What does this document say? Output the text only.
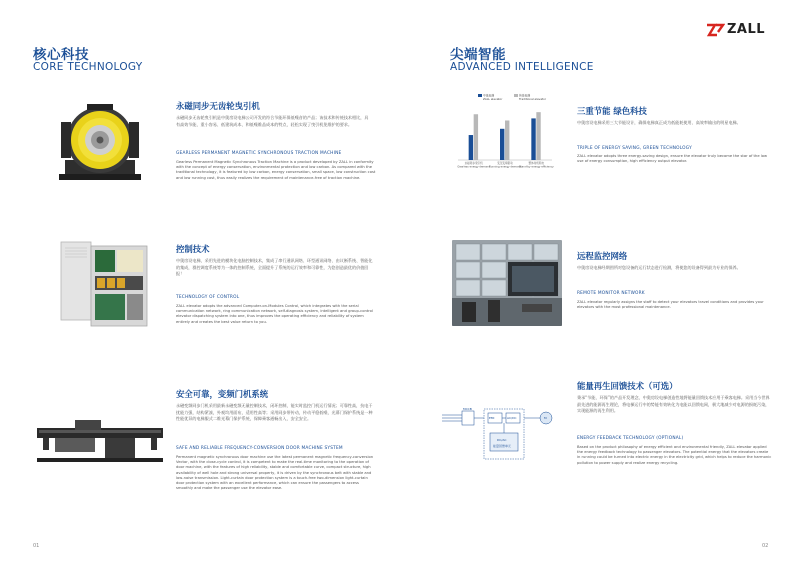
ZALL
核心科技
CORE TECHNOLOGY
尖端智能
ADVANCED INTELLIGENCE
永磁同步无齿轮曳引机
永磁同步无齿轮曳引机是中奥房设电梯公司开发的符合节能环保低噪音的产品；该技术和传统技术相比，具有高效节能、重小容易、低建筑成本、和低噪维品成本的特点，轻松实现了曳引机免维护的要求。
GEARLESS PERMANENT MAGNETIC SYNCHRONOUS TRACTION MACHINE
Gearless Permanent Magnetic Synchronous Traction Machine is a product developed by ZALL in conformity with the concept of energy conservation, environmental protection and low carbon. As compared with the traditional technology, it is featured by low carbon, energy conservation, small space, low construction cost and low running cost, thus easily realizes the requirement of maintenance-free of traction machine.
控制技术
中奥房设电梯，采用先进的模块化电脑控制技术，集成了串行通讯网络、环型通讯网络、由议断系统、智能化的集成，群控调度系统等为一体的控制系统，全面提升了系统的运行效率和可靠性，为您创造最优的价值回报！
TECHNOLOGY OF CONTROL
ZALL elevator adopts the advanced Computer-on-Modules Control, which integrates with the serial communication network, ring communication network, self-diagnosis system, intelligent and group-control elevator dispatching system into one, thus improves the operating efficiency and reliability of system entirely and creates the best value return to you.
安全可靠，变频门机系统
永磁变频同步门机采用最新永磁变频无量控制技术，闭环控制，能实时监控门机运行情况；可靠性高，抗电干扰能力强，结构紧凑，外观均用面布，适用性高等；采用同步带传动，传动平稳低噪，光幕门保护系统是一种性能优异的电梯服式二维光幕门保护系统，保障乘客通畅出入，安全安全。
SAFE AND RELIABLE FREQUENCY-CONVERSION DOOR MACHINE SYSTEM
Permanent magnetic synchronous door machine use the latest permanent magnetic frequency-conversion Vector, with the close-cycle control, it is competent to make the real-time monitoring to the operation of door machine, with the features of high reliability, stable and comfortable curve, compact structure, high availability of well hole and strong universal property, it is driven by the synchronous belt with stable and low-noise transmission. Light-curtain door protection system is a touch-free two-dimension light-curtain door protection system with an excellent performance, which can ensure the passengers to access smoothly and make the passenger use the elevator ease.
01
中奥电梯
ZALL elevator
传统电梯
Traditional elevator
永磁同步曳引机
Gearless energy demand
变压变频驱动
Running energy demand
整体待机耗电
Stand-by energy efficiency
三重节能 绿色科技
中奥房设电梯采用三大节能设计，确保电梯真正成为低能耗使用、高效率输出的明星电梯。
TRIPLE OF ENERGY SAVING, GREEN TECHNOLOGY
ZALL elevator adopts three energy-saving design, ensure the elevator truly become the star of the low use of energy consumption, high efficiency output elevator.
远程监控网络
中奥房设电梯经期图所对您设备的运行状态进行检测，将使您的设备得到最为专业的保养。
REMOTE MONITOR NETWORK
ZALL elevator regularly assigns the staff to detect your elevators travel conditions and provides your elevators with the most professional maintenance.
MCCB
M
EMI	AC/DC
DC/AC
能量回馈单元
能量再生回馈技术（可选）
秉承“节能、环保”的产品开发理念，中奥房设电梯创造性地将能量回馈技术应用于乘客电梯。采用当今世界最先进的能源再生理论，将电梯运行中的势能有效转化为电能以回馈电网，极大地减少对电源的损耗污染，实现能源的再生利用。
ENERGY FEEDBACK TECHNOLOGY (OPTIONAL)
Based on the product philosophy of energy efficient and environmental friendly, ZALL elevator applied the energy feedback technology to passenger elevators. The potential energy that the elevators create in running could be turned into electric energy in the electricity grid, which helps to reduce the harmonic pollution to power supply and realize energy recycling.
02
